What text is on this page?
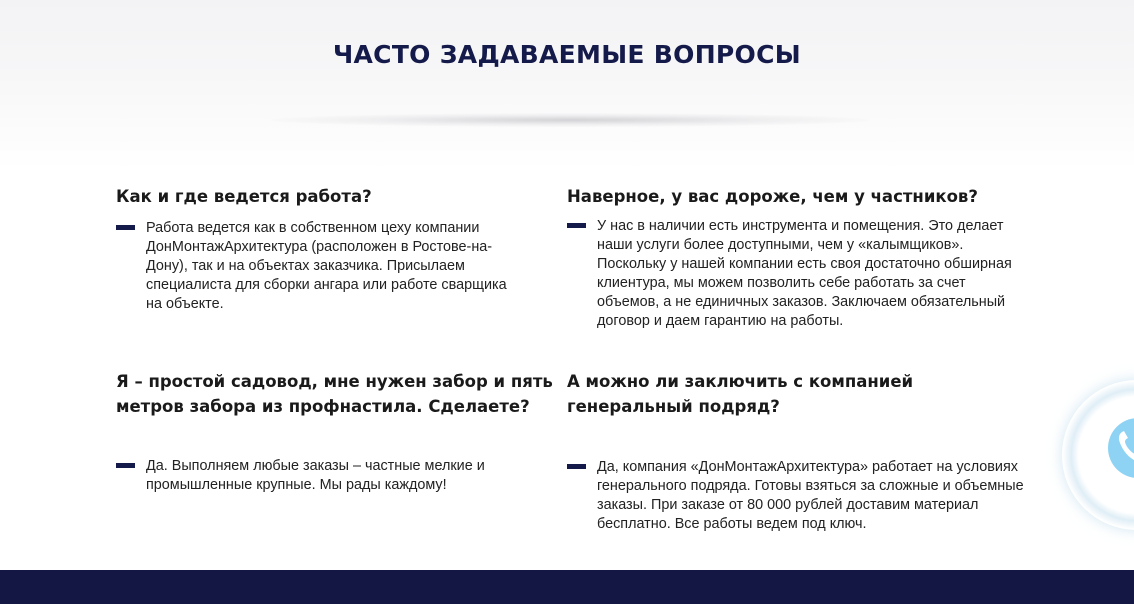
ЧАСТО ЗАДАВАЕМЫЕ ВОПРОСЫ

Как и где ведется работа?

Работа ведется как в собственном цеху компании ДонМонтажАрхитектура (расположен в Ростове-на-Дону), так и на объектах заказчика. Присылаем специалиста для сборки ангара или работе сварщика на объекте.

Наверное, у вас дороже, чем у частников?

У нас в наличии есть инструмента и помещения. Это делает наши услуги более доступными, чем у «калымщиков». Поскольку у нашей компании есть своя достаточно обширная клиентура, мы можем позволить себе работать за счет объемов, а не единичных заказов. Заключаем обязательный договор и даем гарантию на работы.

Я – простой садовод, мне нужен забор и пять метров забора из профнастила. Сделаете?

Да. Выполняем любые заказы – частные мелкие и промышленные крупные. Мы рады каждому!

А можно ли заключить с компанией генеральный подряд?

Да, компания «ДонМонтажАрхитектура» работает на условиях генерального подряда. Готовы взяться за сложные и объемные заказы. При заказе от 80 000 рублей доставим материал бесплатно. Все работы ведем под ключ.
